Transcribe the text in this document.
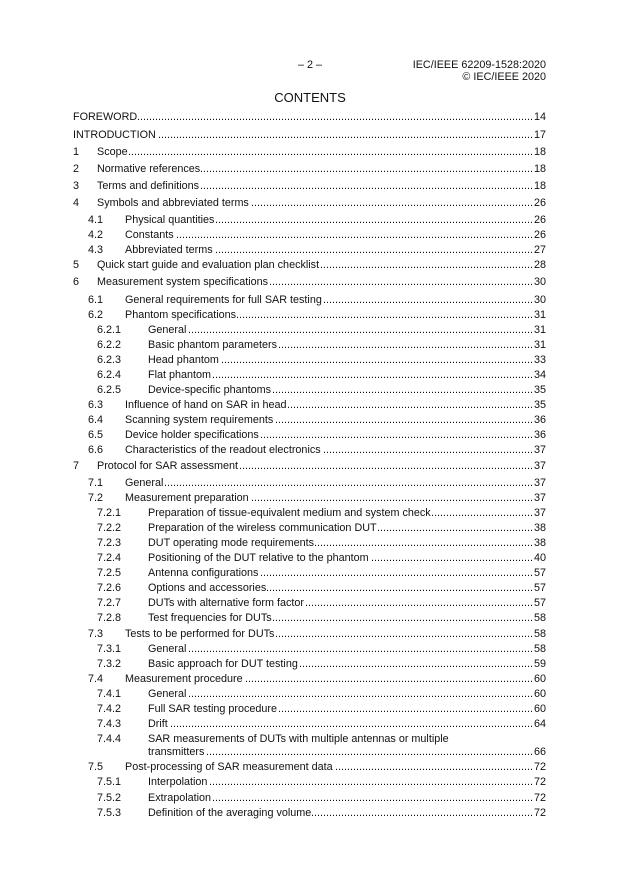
– 2 –	IEC/IEEE 62209-1528:2020
© IEC/IEEE 2020
CONTENTS
FOREWORD .....	14
INTRODUCTION .....	17
1	Scope .....	18
2	Normative references .....	18
3	Terms and definitions .....	18
4	Symbols and abbreviated terms .....	26
4.1	Physical quantities .....	26
4.2	Constants .....	26
4.3	Abbreviated terms .....	27
5	Quick start guide and evaluation plan checklist .....	28
6	Measurement system specifications .....	30
6.1	General requirements for full SAR testing .....	30
6.2	Phantom specifications .....	31
6.2.1	General .....	31
6.2.2	Basic phantom parameters .....	31
6.2.3	Head phantom .....	33
6.2.4	Flat phantom .....	34
6.2.5	Device-specific phantoms .....	35
6.3	Influence of hand on SAR in head .....	35
6.4	Scanning system requirements .....	36
6.5	Device holder specifications .....	36
6.6	Characteristics of the readout electronics .....	37
7	Protocol for SAR assessment .....	37
7.1	General .....	37
7.2	Measurement preparation .....	37
7.2.1	Preparation of tissue-equivalent medium and system check .....	37
7.2.2	Preparation of the wireless communication DUT .....	38
7.2.3	DUT operating mode requirements .....	38
7.2.4	Positioning of the DUT relative to the phantom .....	40
7.2.5	Antenna configurations .....	57
7.2.6	Options and accessories .....	57
7.2.7	DUTs with alternative form factor .....	57
7.2.8	Test frequencies for DUTs .....	58
7.3	Tests to be performed for DUTs .....	58
7.3.1	General .....	58
7.3.2	Basic approach for DUT testing .....	59
7.4	Measurement procedure .....	60
7.4.1	General .....	60
7.4.2	Full SAR testing procedure .....	60
7.4.3	Drift .....	64
7.4.4	SAR measurements of DUTs with multiple antennas or multiple transmitters .....	66
7.5	Post-processing of SAR measurement data .....	72
7.5.1	Interpolation .....	72
7.5.2	Extrapolation .....	72
7.5.3	Definition of the averaging volume .....	72
